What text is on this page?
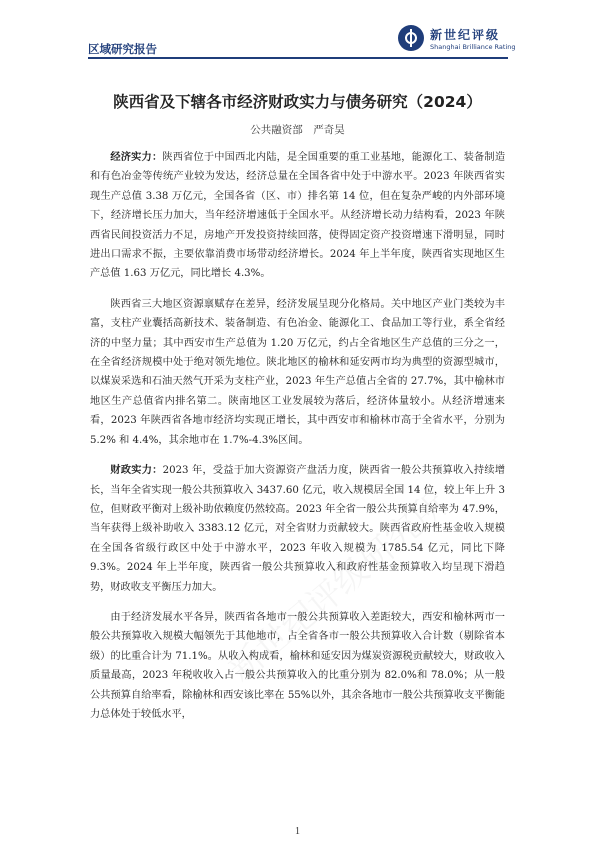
区域研究报告
新世纪评级
Shanghai Brilliance Rating
陕西省及下辖各市经济财政实力与债务研究（2024）
公共融资部　严奇昊

经济实力：陕西省位于中国西北内陆，是全国重要的重工业基地，能源化工、装备制造和有色冶金等传统产业较为发达，经济总量在全国各省中处于中游水平。2023 年陕西省实现生产总值 3.38 万亿元，全国各省（区、市）排名第 14 位，但在复杂严峻的内外部环境下，经济增长压力加大，当年经济增速低于全国水平。从经济增长动力结构看，2023 年陕西省民间投资活力不足，房地产开发投资持续回落，使得固定资产投资增速下滑明显，同时进出口需求不振，主要依靠消费市场带动经济增长。2024 年上半年度，陕西省实现地区生产总值 1.63 万亿元，同比增长 4.3%。

陕西省三大地区资源禀赋存在差异，经济发展呈现分化格局。关中地区产业门类较为丰富，支柱产业囊括高新技术、装备制造、有色冶金、能源化工、食品加工等行业，系全省经济的中坚力量；其中西安市生产总值为 1.20 万亿元，约占全省地区生产总值的三分之一，在全省经济规模中处于绝对领先地位。陕北地区的榆林和延安两市均为典型的资源型城市，以煤炭采选和石油天然气开采为支柱产业，2023 年生产总值占全省的 27.7%，其中榆林市地区生产总值省内排名第二。陕南地区工业发展较为落后，经济体量较小。从经济增速来看，2023 年陕西省各地市经济均实现正增长，其中西安市和榆林市高于全省水平，分别为 5.2% 和 4.4%，其余地市在 1.7%-4.3%区间。

财政实力：2023 年，受益于加大资源资产盘活力度，陕西省一般公共预算收入持续增长，当年全省实现一般公共预算收入 3437.60 亿元，收入规模居全国 14 位，较上年上升 3 位，但财政平衡对上级补助依赖度仍然较高。2023 年全省一般公共预算自给率为 47.9%，当年获得上级补助收入 3383.12 亿元，对全省财力贡献较大。陕西省政府性基金收入规模在全国各省级行政区中处于中游水平，2023 年收入规模为 1785.54 亿元，同比下降 9.3%。2024 年上半年度，陕西省一般公共预算收入和政府性基金预算收入均呈现下滑趋势，财政收支平衡压力加大。

由于经济发展水平各异，陕西省各地市一般公共预算收入差距较大，西安和榆林两市一般公共预算收入规模大幅领先于其他地市，占全省各市一般公共预算收入合计数（剔除省本级）的比重合计为 71.1%。从收入构成看，榆林和延安因为煤炭资源税贡献较大，财政收入质量最高，2023 年税收收入占一般公共预算收入的比重分别为 82.0%和 78.0%；从一般公共预算自给率看，除榆林和西安该比率在 55%以外，其余各地市一般公共预算收支平衡能力总体处于较低水平，

1
